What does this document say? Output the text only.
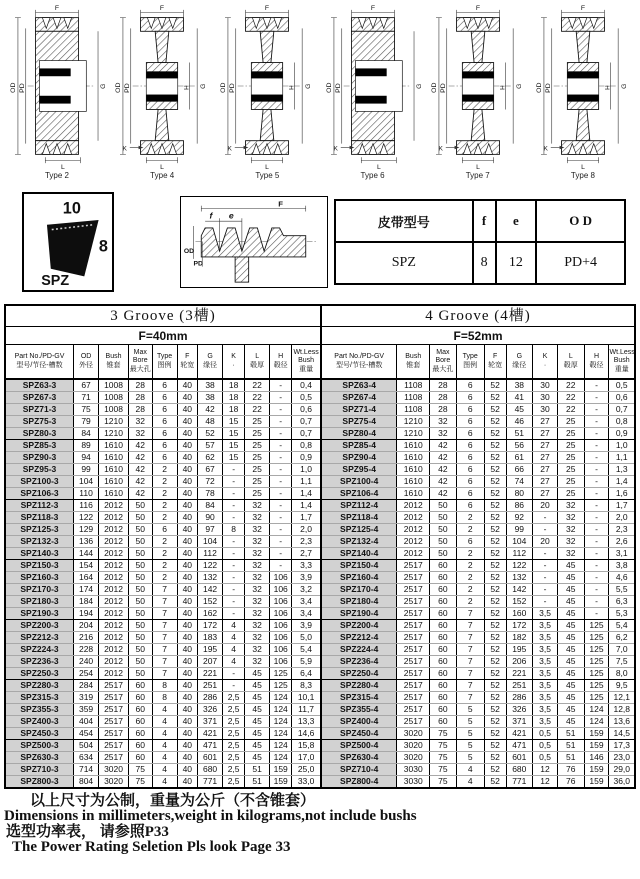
Type 2	Type 4	Type 5	Type 6	Type 7	Type 8
10
8
SPZ
F
f e
OD
PD
皮带型号	f	e	O D
SPZ	8	12	PD+4
3 Groove (3槽)
F=40mm
Part No./PD-GV
型号/节径-槽数	OD
外径	Bush
锥套	Max Bore
最大孔	Type
图例	F
轮宽	G
缘径	K
·	L
毂厚	H
毂径	Wt.Less Bush
重量
SPZ63-3	67	1008	28	6	40	38	18	22	-	0,4
SPZ67-3	71	1008	28	6	40	38	18	22	-	0,5
SPZ71-3	75	1008	28	6	40	42	18	22	-	0,6
SPZ75-3	79	1210	32	6	40	48	15	25	-	0,7
SPZ80-3	84	1210	32	6	40	52	15	25	-	0,7
SPZ85-3	89	1610	42	6	40	57	15	25	-	0,8
SPZ90-3	94	1610	42	6	40	62	15	25	-	0,9
SPZ95-3	99	1610	42	2	40	67	-	25	-	1,0
SPZ100-3	104	1610	42	2	40	72	-	25	-	1,1
SPZ106-3	110	1610	42	2	40	78	-	25	-	1,4
SPZ112-3	116	2012	50	2	40	84	-	32	-	1,4
SPZ118-3	122	2012	50	2	40	90	-	32	-	1,7
SPZ125-3	129	2012	50	6	40	97	8	32	-	2,0
SPZ132-3	136	2012	50	2	40	104	-	32	-	2,3
SPZ140-3	144	2012	50	2	40	112	-	32	-	2,7
SPZ150-3	154	2012	50	2	40	122	-	32	-	3,3
SPZ160-3	164	2012	50	2	40	132	-	32	106	3,9
SPZ170-3	174	2012	50	7	40	142	-	32	106	3,2
SPZ180-3	184	2012	50	7	40	152	-	32	106	3,4
SPZ190-3	194	2012	50	7	40	162	-	32	106	3,4
SPZ200-3	204	2012	50	7	40	172	4	32	106	3,9
SPZ212-3	216	2012	50	7	40	183	4	32	106	5,0
SPZ224-3	228	2012	50	7	40	195	4	32	106	5,4
SPZ236-3	240	2012	50	7	40	207	4	32	106	5,9
SPZ250-3	254	2012	50	7	40	221	-	45	125	6,4
SPZ280-3	284	2517	60	8	40	251	-	45	125	8,3
SPZ315-3	319	2517	60	8	40	286	2,5	45	124	10,1
SPZ355-3	359	2517	60	4	40	326	2,5	45	124	11,7
SPZ400-3	404	2517	60	4	40	371	2,5	45	124	13,3
SPZ450-3	454	2517	60	4	40	421	2,5	45	124	14,6
SPZ500-3	504	2517	60	4	40	471	2,5	45	124	15,8
SPZ630-3	634	2517	60	4	40	601	2,5	45	124	17,0
SPZ710-3	714	3020	75	4	40	680	2,5	51	159	25,0
SPZ800-3	804	3020	75	4	40	771	2,5	51	159	33,0
4 Groove (4槽)
F=52mm
Part No./PD-GV
型号/节径-槽数	Bush
锥套	Max Bore
最大孔	Type
图例	F
轮宽	G
缘径	K
·	L
毂厚	H
毂径	Wt.Less Bush
重量
SPZ63-4	1108	28	6	52	38	30	22	-	0,5
SPZ67-4	1108	28	6	52	41	30	22	-	0,6
SPZ71-4	1108	28	6	52	45	30	22	-	0,7
SPZ75-4	1210	32	6	52	46	27	25	-	0,8
SPZ80-4	1210	32	6	52	51	27	25	-	0,9
SPZ85-4	1610	42	6	52	56	27	25	-	1,0
SPZ90-4	1610	42	6	52	61	27	25	-	1,1
SPZ95-4	1610	42	6	52	66	27	25	-	1,3
SPZ100-4	1610	42	6	52	74	27	25	-	1,4
SPZ106-4	1610	42	6	52	80	27	25	-	1,6
SPZ112-4	2012	50	6	52	86	20	32	-	1,7
SPZ118-4	2012	50	2	52	92	-	32	-	2,0
SPZ125-4	2012	50	2	52	99	-	32	-	2,3
SPZ132-4	2012	50	6	52	104	20	32	-	2,6
SPZ140-4	2012	50	2	52	112	-	32	-	3,1
SPZ150-4	2517	60	2	52	122	-	45	-	3,8
SPZ160-4	2517	60	2	52	132	-	45	-	4,6
SPZ170-4	2517	60	2	52	142	-	45	-	5,5
SPZ180-4	2517	60	2	52	152	-	45	-	6,3
SPZ190-4	2517	60	7	52	160	3,5	45	-	5,3
SPZ200-4	2517	60	7	52	172	3,5	45	125	5,4
SPZ212-4	2517	60	7	52	182	3,5	45	125	6,2
SPZ224-4	2517	60	7	52	195	3,5	45	125	7,0
SPZ236-4	2517	60	7	52	206	3,5	45	125	7,5
SPZ250-4	2517	60	7	52	221	3,5	45	125	8,0
SPZ280-4	2517	60	7	52	251	3,5	45	125	9,5
SPZ315-4	2517	60	7	52	286	3,5	45	125	12,1
SPZ355-4	2517	60	5	52	326	3,5	45	124	12,8
SPZ400-4	2517	60	5	52	371	3,5	45	124	13,6
SPZ450-4	3020	75	5	52	421	0,5	51	159	14,5
SPZ500-4	3020	75	5	52	471	0,5	51	159	17,3
SPZ630-4	3020	75	5	52	601	0,5	51	146	23,0
SPZ710-4	3030	75	4	52	680	12	76	159	29,0
SPZ800-4	3030	75	4	52	771	12	76	159	36,0
以上尺寸为公制，重量为公斤（不含锥套）
Dimensions in millimeters,weight in kilograms,not include bushs
选型功率表， 请参照P33
The Power Rating Seletion Pls look Page 33
